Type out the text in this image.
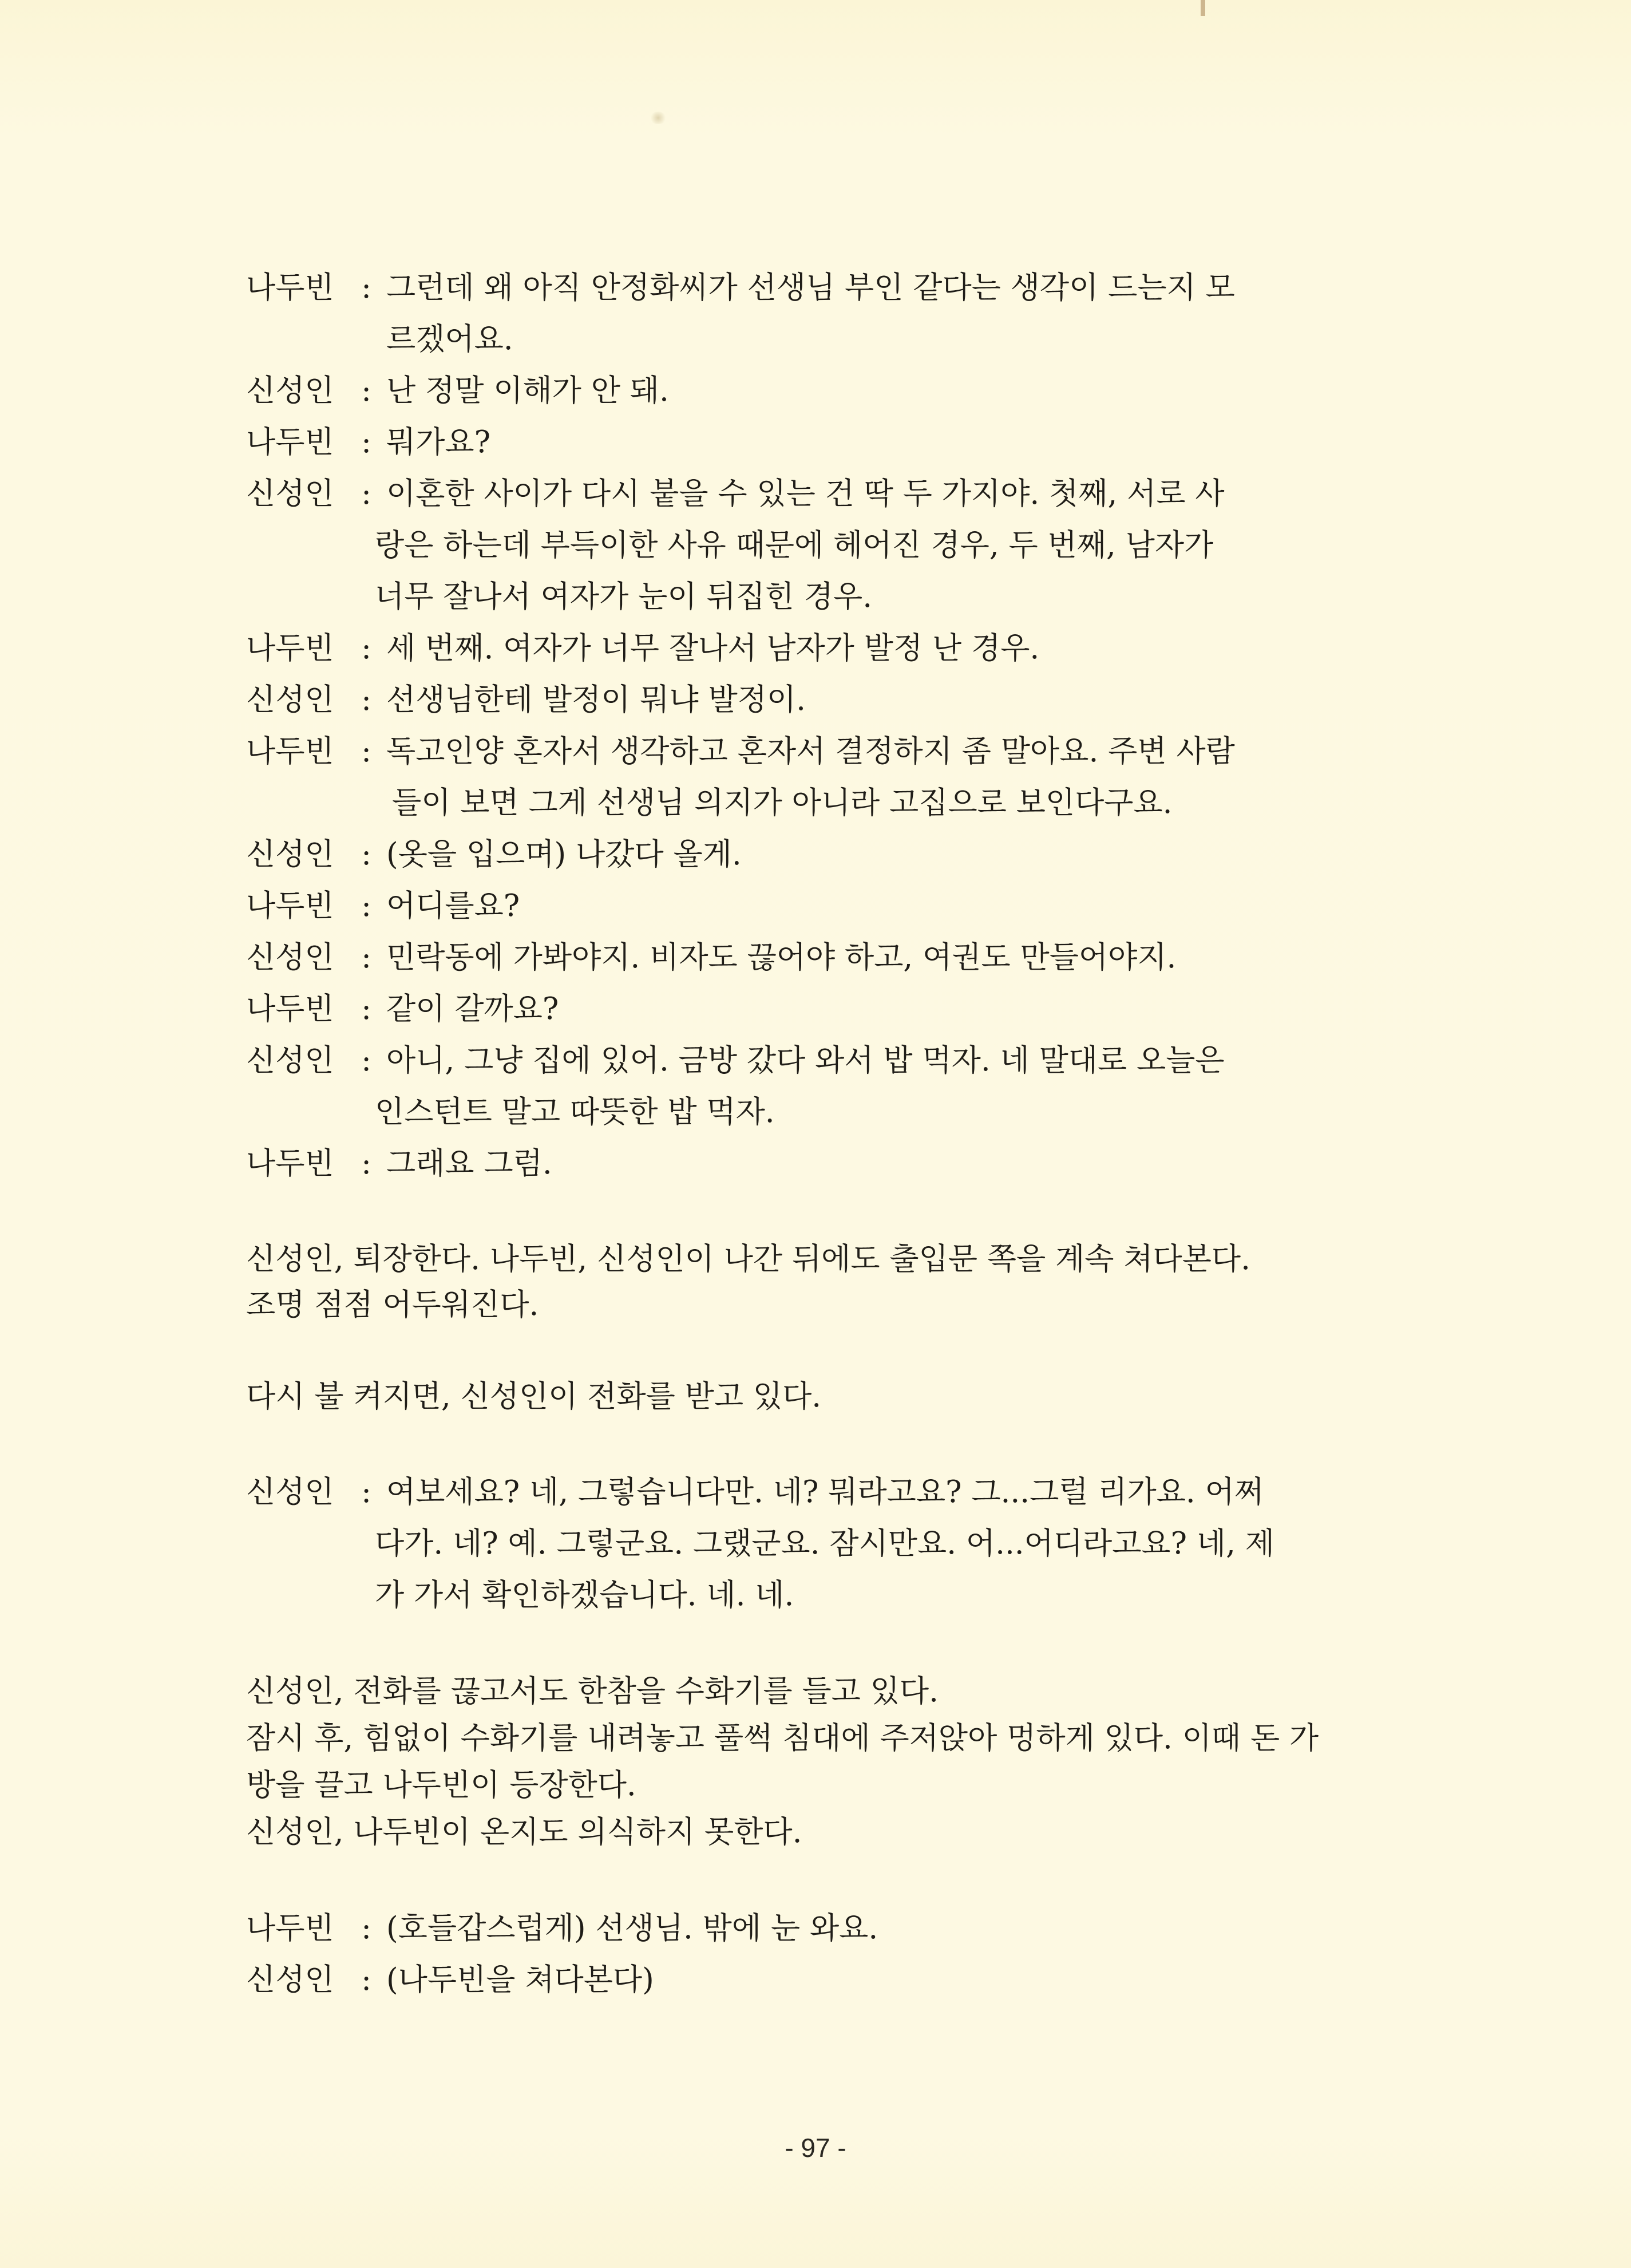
나두빈 : 그런데 왜 아직 안정화씨가 선생님 부인 같다는 생각이 드는지 모
르겠어요.
신성인 : 난 정말 이해가 안 돼.
나두빈 : 뭐가요?
신성인 : 이혼한 사이가 다시 붙을 수 있는 건 딱 두 가지야. 첫째, 서로 사
랑은 하는데 부득이한 사유 때문에 헤어진 경우, 두 번째, 남자가
너무 잘나서 여자가 눈이 뒤집힌 경우.
나두빈 : 세 번째. 여자가 너무 잘나서 남자가 발정 난 경우.
신성인 : 선생님한테 발정이 뭐냐 발정이.
나두빈 : 독고인양 혼자서 생각하고 혼자서 결정하지 좀 말아요. 주변 사람
들이 보면 그게 선생님 의지가 아니라 고집으로 보인다구요.
신성인 : (옷을 입으며) 나갔다 올게.
나두빈 : 어디를요?
신성인 : 민락동에 가봐야지. 비자도 끊어야 하고, 여권도 만들어야지.
나두빈 : 같이 갈까요?
신성인 : 아니, 그냥 집에 있어. 금방 갔다 와서 밥 먹자. 네 말대로 오늘은
인스턴트 말고 따뜻한 밥 먹자.
나두빈 : 그래요 그럼.
신성인, 퇴장한다. 나두빈, 신성인이 나간 뒤에도 출입문 쪽을 계속 쳐다본다.
조명 점점 어두워진다.
다시 불 켜지면, 신성인이 전화를 받고 있다.
신성인 : 여보세요? 네, 그렇습니다만. 네? 뭐라고요? 그...그럴 리가요. 어쩌
다가. 네? 예. 그렇군요. 그랬군요. 잠시만요. 어...어디라고요? 네, 제
가 가서 확인하겠습니다. 네. 네.
신성인, 전화를 끊고서도 한참을 수화기를 들고 있다.
잠시 후, 힘없이 수화기를 내려놓고 풀썩 침대에 주저앉아 멍하게 있다. 이때 돈 가
방을 끌고 나두빈이 등장한다.
신성인, 나두빈이 온지도 의식하지 못한다.
나두빈 : (호들갑스럽게) 선생님. 밖에 눈 와요.
신성인 : (나두빈을 쳐다본다)
- 97 -
